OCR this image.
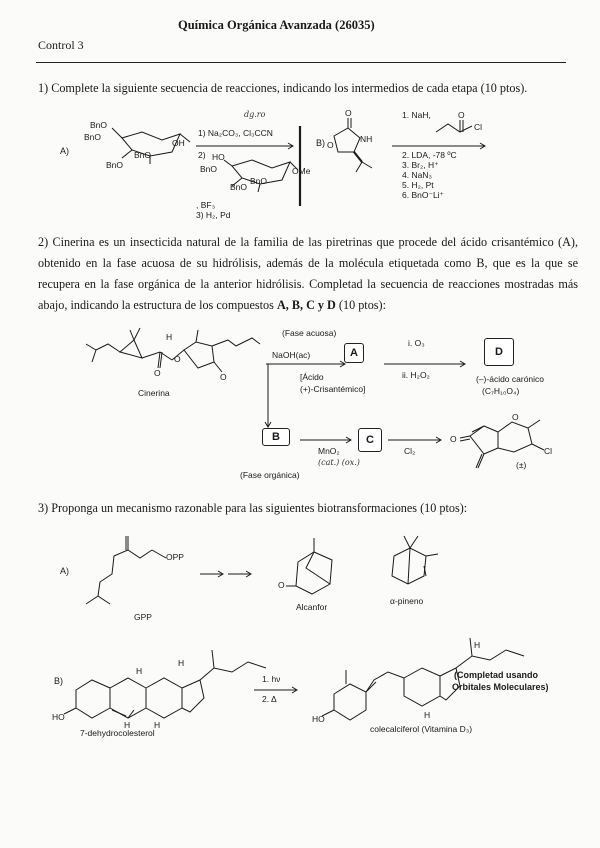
Química Orgánica Avanzada (26035)
Control 3
1) Complete la siguiente secuencia de reacciones, indicando los intermedios de cada etapa (10 ptos).
BnO
BnO
BnO
BnO
OH
A)
dg.ro
1) Na₂CO₃, Cl₃CCN
2) HO
BnO
BnO
BnO
OMe
, BF₃
3) H₂, Pd
B)
O
O
NH
1. NaH,	O
Cl
2. LDA, -78 ºC
3. Br₂, H⁺
4. NaN₃
5. H₂, Pt
6. BnO⁻Li⁺
2) Cinerina es un insecticida natural de la familia de las piretrinas que procede del ácido crisantémico (A), obtenido en la fase acuosa de su hidrólisis, además de la molécula etiquetada como B, que es la que se recupera en la fase orgánica de la anterior hidrólisis. Completad la secuencia de reacciones mostradas más abajo, indicando la estructura de los compuestos A, B, C y D (10 ptos):
H
O
O	O
Cinerina
(Fase acuosa)
NaOH(ac)
[Ácido
(+)-Crisantémico]
A
i. O₃
ii. H₂O₂
D
(–)-ácido carónico
(C₇H₁₀O₄)
B
MnO₂
(cat.) (ox.)
C
Cl₂
O
O
Cl
(±)
(Fase orgánica)
3) Proponga un mecanismo razonable para las siguientes biotransformaciones (10 ptos):
A)
OPP
GPP
O
Alcanfor
α-pineno
B)
HO
H
H
H	H
7-dehydrocolesterol
1. hν
2. Δ
HO
H
H
(Completad usando
Orbitales Moleculares)
colecalciferol (Vitamina D₃)
